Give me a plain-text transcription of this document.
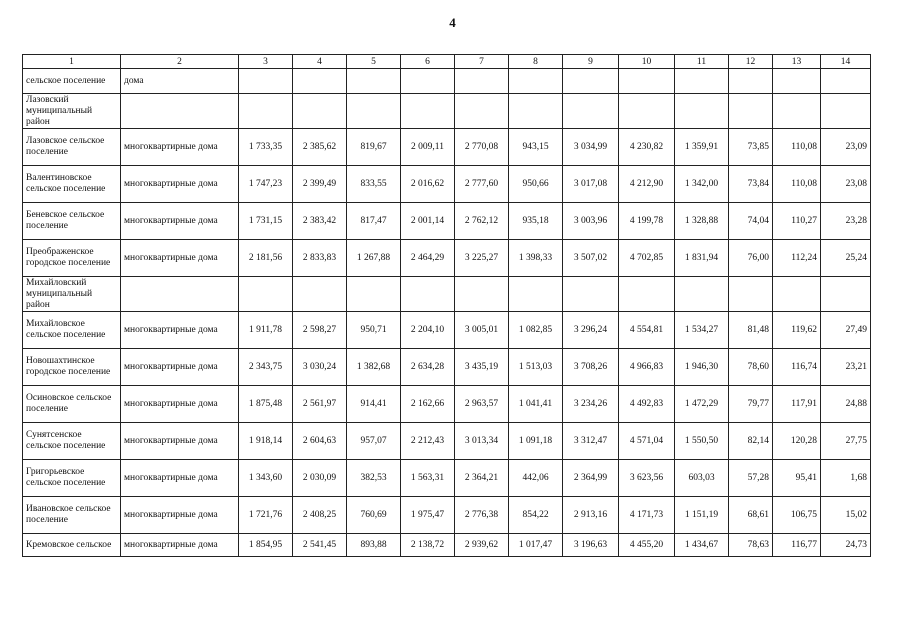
4
1	2	3	4	5	6	7	8	9	10	11	12	13	14
сельское поселение	дома												
Лазовский муниципальный район													
Лазовское сельское поселение	многоквартирные дома	1 733,35	2 385,62	819,67	2 009,11	2 770,08	943,15	3 034,99	4 230,82	1 359,91	73,85	110,08	23,09
Валентиновское сельское поселение	многоквартирные дома	1 747,23	2 399,49	833,55	2 016,62	2 777,60	950,66	3 017,08	4 212,90	1 342,00	73,84	110,08	23,08
Беневское сельское поселение	многоквартирные дома	1 731,15	2 383,42	817,47	2 001,14	2 762,12	935,18	3 003,96	4 199,78	1 328,88	74,04	110,27	23,28
Преображенское городское поселение	многоквартирные дома	2 181,56	2 833,83	1 267,88	2 464,29	3 225,27	1 398,33	3 507,02	4 702,85	1 831,94	76,00	112,24	25,24
Михайловский муниципальный район													
Михайловское сельское поселение	многоквартирные дома	1 911,78	2 598,27	950,71	2 204,10	3 005,01	1 082,85	3 296,24	4 554,81	1 534,27	81,48	119,62	27,49
Новошахтинское городское поселение	многоквартирные дома	2 343,75	3 030,24	1 382,68	2 634,28	3 435,19	1 513,03	3 708,26	4 966,83	1 946,30	78,60	116,74	23,21
Осиновское сельское поселение	многоквартирные дома	1 875,48	2 561,97	914,41	2 162,66	2 963,57	1 041,41	3 234,26	4 492,83	1 472,29	79,77	117,91	24,88
Сунятсенское сельское поселение	многоквартирные дома	1 918,14	2 604,63	957,07	2 212,43	3 013,34	1 091,18	3 312,47	4 571,04	1 550,50	82,14	120,28	27,75
Григорьевское сельское поселение	многоквартирные дома	1 343,60	2 030,09	382,53	1 563,31	2 364,21	442,06	2 364,99	3 623,56	603,03	57,28	95,41	1,68
Ивановское сельское поселение	многоквартирные дома	1 721,76	2 408,25	760,69	1 975,47	2 776,38	854,22	2 913,16	4 171,73	1 151,19	68,61	106,75	15,02
Кремовское сельское	многоквартирные дома	1 854,95	2 541,45	893,88	2 138,72	2 939,62	1 017,47	3 196,63	4 455,20	1 434,67	78,63	116,77	24,73
